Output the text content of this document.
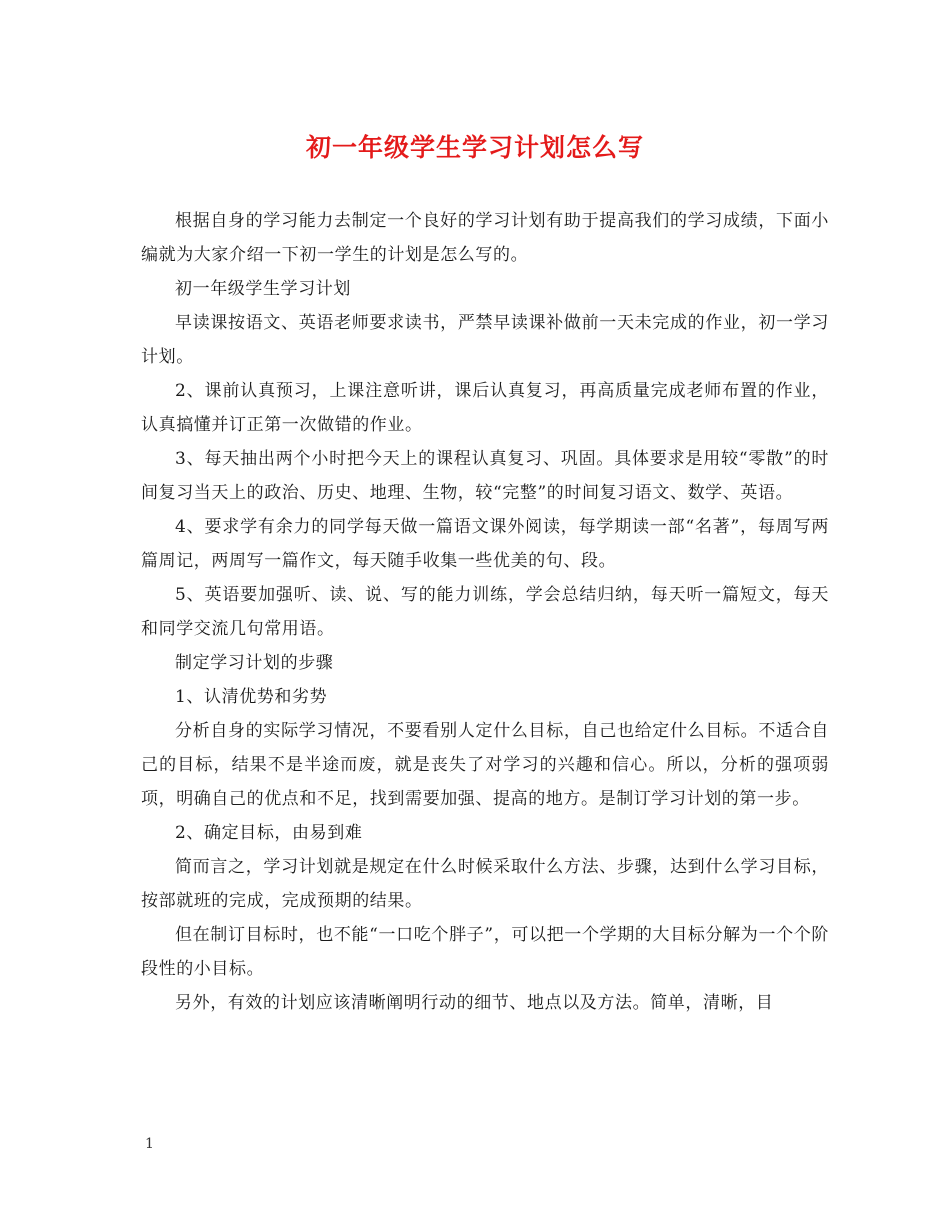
初一年级学生学习计划怎么写

根据自身的学习能力去制定一个良好的学习计划有助于提高我们的学习成绩，下面小编就为大家介绍一下初一学生的计划是怎么写的。

初一年级学生学习计划

早读课按语文、英语老师要求读书，严禁早读课补做前一天未完成的作业，初一学习计划。

2、课前认真预习，上课注意听讲，课后认真复习，再高质量完成老师布置的作业，认真搞懂并订正第一次做错的作业。

3、每天抽出两个小时把今天上的课程认真复习、巩固。具体要求是用较“零散”的时间复习当天上的政治、历史、地理、生物，较“完整”的时间复习语文、数学、英语。

4、要求学有余力的同学每天做一篇语文课外阅读，每学期读一部“名著”，每周写两篇周记，两周写一篇作文，每天随手收集一些优美的句、段。

5、英语要加强听、读、说、写的能力训练，学会总结归纳，每天听一篇短文，每天和同学交流几句常用语。

制定学习计划的步骤

1、认清优势和劣势

分析自身的实际学习情况，不要看别人定什么目标，自己也给定什么目标。不适合自己的目标，结果不是半途而废，就是丧失了对学习的兴趣和信心。所以，分析的强项弱项，明确自己的优点和不足，找到需要加强、提高的地方。是制订学习计划的第一步。

2、确定目标，由易到难

简而言之，学习计划就是规定在什么时候采取什么方法、步骤，达到什么学习目标，按部就班的完成，完成预期的结果。

但在制订目标时，也不能“一口吃个胖子”，可以把一个学期的大目标分解为一个个阶段性的小目标。

另外，有效的计划应该清晰阐明行动的细节、地点以及方法。简单，清晰，目

1
